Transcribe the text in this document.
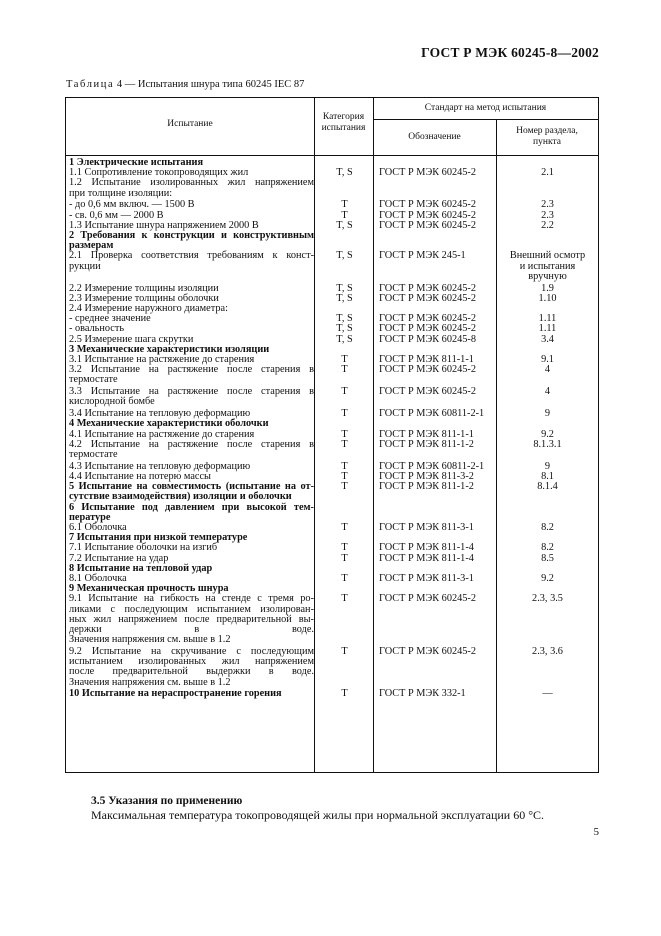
ГОСТ Р МЭК 60245-8—2002
Таблица 4 — Испытания шнура типа 60245 IEC 87
Испытание
Категория
испытания
Стандарт на метод испытания
Обозначение
Номер раздела,
пункта
1 Электрические испытания
1.1 Сопротивление токопроводящих жил	T, S	ГОСТ Р МЭК 60245-2	2.1
1.2 Испытание изолированных жил напряжением
при толщине изоляции:
- до 0,6 мм включ. — 1500 В	T	ГОСТ Р МЭК 60245-2	2.3
- св. 0,6 мм — 2000 В	T	ГОСТ Р МЭК 60245-2	2.3
1.3 Испытание шнура напряжением 2000 В	T, S	ГОСТ Р МЭК 60245-2	2.2
2 Требования к конструкции и конструктивным
размерам
2.1 Проверка соответствия требованиям к конст-
рукции
T, S	ГОСТ Р МЭК 245-1	Внешний осмотр
и испытания
вручную
2.2 Измерение толщины изоляции	T, S	ГОСТ Р МЭК 60245-2	1.9
2.3 Измерение толщины оболочки	T, S	ГОСТ Р МЭК 60245-2	1.10
2.4 Измерение наружного диаметра:
- среднее значение	T, S	ГОСТ Р МЭК 60245-2	1.11
- овальность	T, S	ГОСТ Р МЭК 60245-2	1.11
2.5 Измерение шага скрутки	T, S	ГОСТ Р МЭК 60245-8	3.4
3 Механические характеристики изоляции
3.1 Испытание на растяжение до старения	T	ГОСТ Р МЭК 811-1-1	9.1
3.2 Испытание на растяжение после старения в
термостате
T	ГОСТ Р МЭК 60245-2	4
3.3 Испытание на растяжение после старения в
кислородной бомбе
T	ГОСТ Р МЭК 60245-2	4
3.4 Испытание на тепловую деформацию	T	ГОСТ Р МЭК 60811-2-1	9
4 Механические характеристики оболочки
4.1 Испытание на растяжение до старения	T	ГОСТ Р МЭК 811-1-1	9.2
4.2 Испытание на растяжение после старения в
термостате
T	ГОСТ Р МЭК 811-1-2	8.1.3.1
4.3 Испытание на тепловую деформацию	T	ГОСТ Р МЭК 60811-2-1	9
4.4 Испытание на потерю массы	T	ГОСТ Р МЭК 811-3-2	8.1
5 Испытание на совместимость (испытание на от-
сутствие взаимодействия) изоляции и оболочки
T	ГОСТ Р МЭК 811-1-2	8.1.4
6 Испытание под давлением при высокой тем-
пературе
6.1 Оболочка	T	ГОСТ Р МЭК 811-3-1	8.2
7 Испытания при низкой температуре
7.1 Испытание оболочки на изгиб	T	ГОСТ Р МЭК 811-1-4	8.2
7.2 Испытание на удар	T	ГОСТ Р МЭК 811-1-4	8.5
8 Испытание на тепловой удар
8.1 Оболочка	T	ГОСТ Р МЭК 811-3-1	9.2
9 Механическая прочность шнура
9.1 Испытание на гибкость на стенде с тремя ро-
ликами с последующим испытанием изолирован-
ных жил напряжением после предварительной вы-
держки в воде.
Значения напряжения см. выше в 1.2
T	ГОСТ Р МЭК 60245-2	2.3, 3.5
9.2 Испытание на скручивание с последующим
испытанием изолированных жил напряжением
после предварительной выдержки в воде.
Значения напряжения см. выше в 1.2
T	ГОСТ Р МЭК 60245-2	2.3, 3.6
10 Испытание на нераспространение горения	T	ГОСТ Р МЭК 332-1	—
3.5 Указания по применению
Максимальная температура токопроводящей жилы при нормальной эксплуатации 60 °С.
5
